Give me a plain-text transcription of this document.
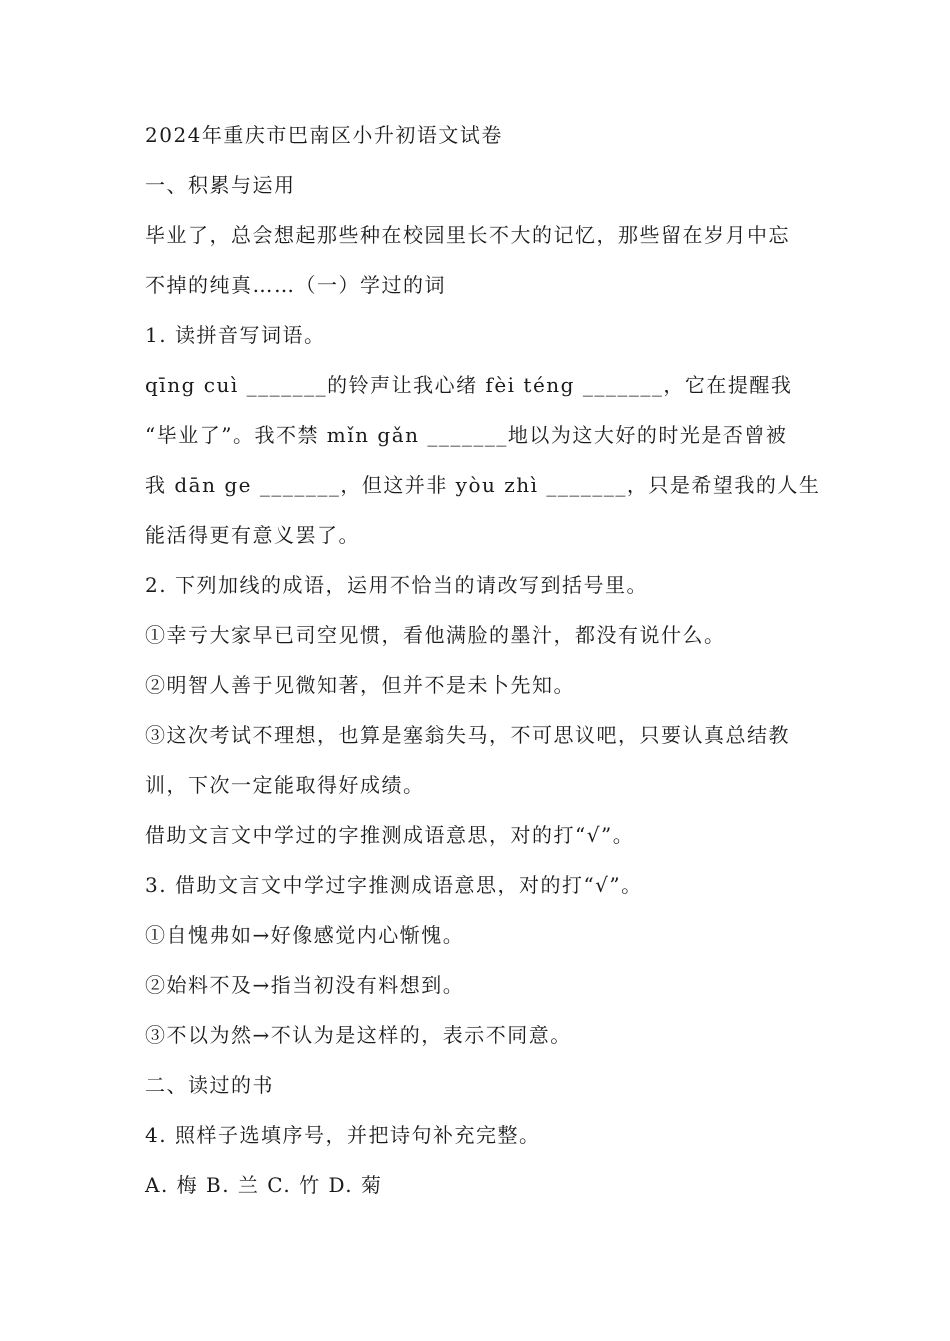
2024年重庆市巴南区小升初语文试卷
一、积累与运用
毕业了，总会想起那些种在校园里长不大的记忆，那些留在岁月中忘
不掉的纯真……（一）学过的词
1. 读拼音写词语。
qīng cuì _______的铃声让我心绪 fèi téng _______，它在提醒我
“毕业了”。我不禁 mǐn gǎn _______地以为这大好的时光是否曾被
我 dān ge _______，但这并非 yòu zhì _______，只是希望我的人生
能活得更有意义罢了。
2. 下列加线的成语，运用不恰当的请改写到括号里。
①幸亏大家早已司空见惯，看他满脸的墨汁，都没有说什么。
②明智人善于见微知著，但并不是未卜先知。
③这次考试不理想，也算是塞翁失马，不可思议吧，只要认真总结教
训，下次一定能取得好成绩。
借助文言文中学过的字推测成语意思，对的打“√”。
3. 借助文言文中学过字推测成语意思，对的打“√”。
①自愧弗如→好像感觉内心惭愧。
②始料不及→指当初没有料想到。
③不以为然→不认为是这样的，表示不同意。
二、读过的书
4. 照样子选填序号，并把诗句补充完整。
A. 梅 B. 兰 C. 竹 D. 菊
